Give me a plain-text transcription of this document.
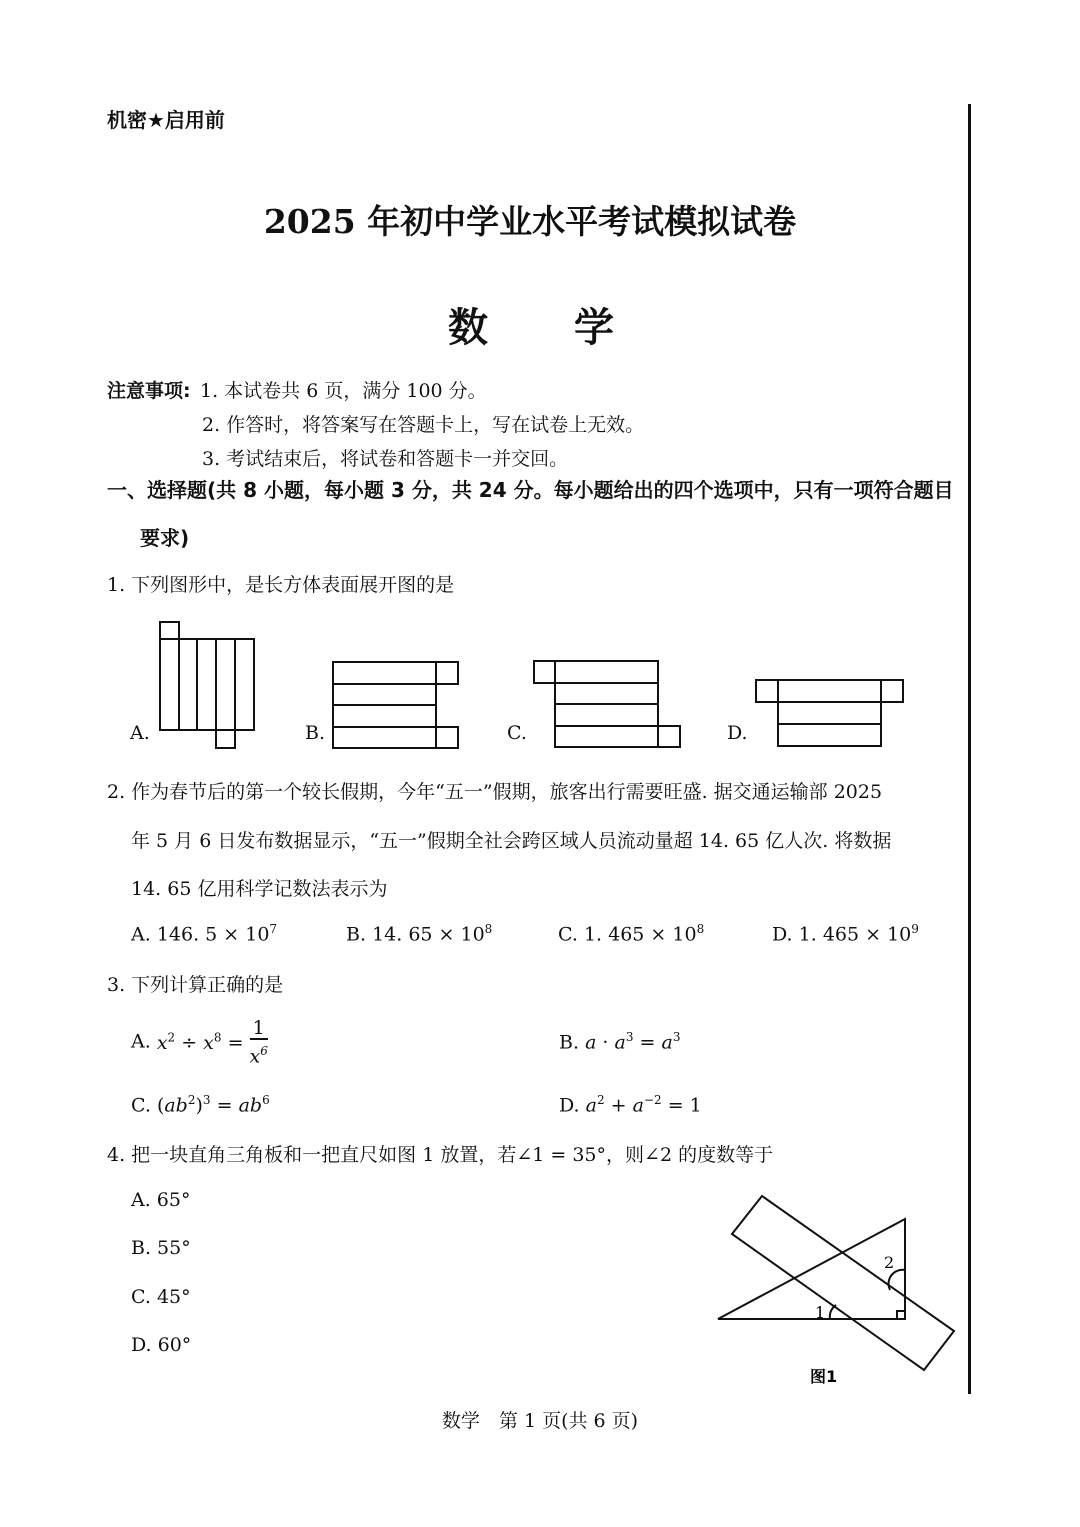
机密★启用前
2025 年初中学业水平考试模拟试卷
数 学
注意事项: 1. 本试卷共 6 页，满分 100 分。
2. 作答时，将答案写在答题卡上，写在试卷上无效。
3. 考试结束后，将试卷和答题卡一并交回。
一、选择题(共 8 小题，每小题 3 分，共 24 分。每小题给出的四个选项中，只有一项符合题目
要求)
1. 下列图形中，是长方体表面展开图的是
A.	B.	C.	D.
2. 作为春节后的第一个较长假期，今年“五一”假期，旅客出行需要旺盛. 据交通运输部 2025
年 5 月 6 日发布数据显示，“五一”假期全社会跨区域人员流动量超 14. 65 亿人次. 将数据
14. 65 亿用科学记数法表示为
A. 146. $5 \times 10^7$	B. 14. $65 \times 10^8$	C. 1. $465 \times 10^8$	D. 1. $465 \times 10^9$
3. 下列计算正确的是
A. $x^2 \div x^8 = \frac{1}{x^6}$	B. $a \cdot a^3 = a^3$
C. $(ab^2)^3 = ab^6$	D. $a^2 + a^{-2} = 1$
4. 把一块直角三角板和一把直尺如图 1 放置，若∠1 = 35°，则∠2 的度数等于
A. 65°
B. 55°
C. 45°
D. 60°
1
2
图1
数学　第 1 页(共 6 页)
